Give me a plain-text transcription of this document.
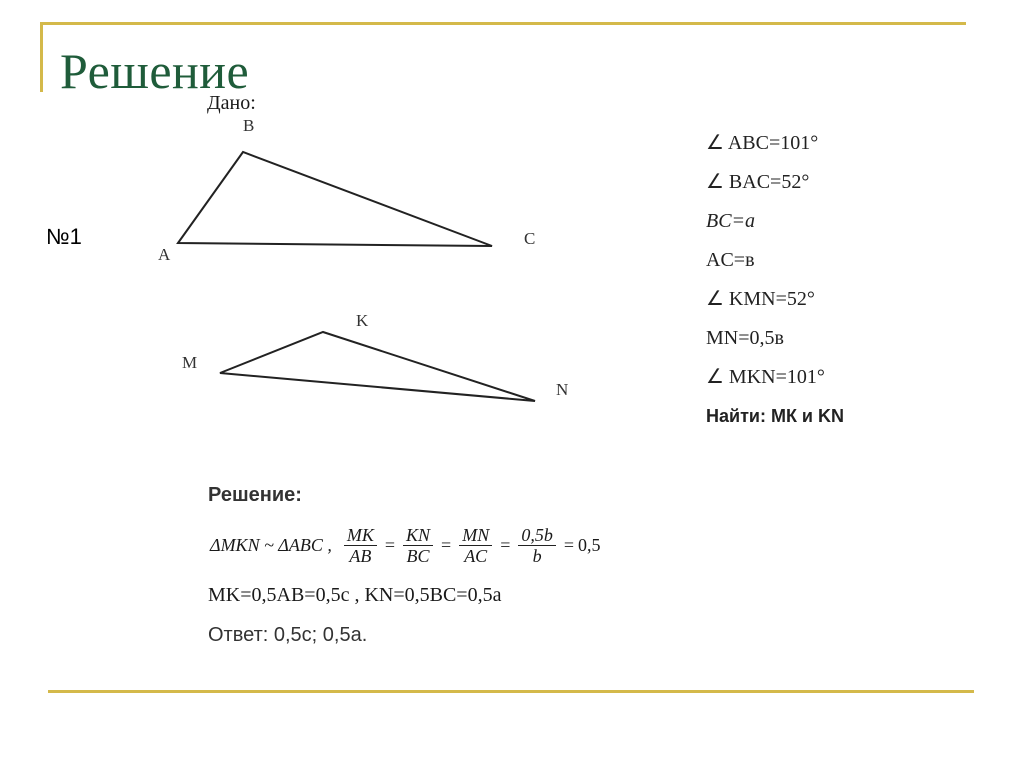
Решение
№1
Дано:
B
A
C
K
M
N
∠ ABC=101°
∠ BAC=52°
BC=a
AC=в
∠ KMN=52°
MN=0,5в
∠ MKN=101°
Найти: МК и KN
Решение:
ΔMKN ~ ΔABC , $\frac{MK}{AB} = \frac{KN}{BC} = \frac{MN}{AC} = \frac{0,5b}{b} = 0,5$
MK=0,5AB=0,5c , KN=0,5BC=0,5a
Ответ: 0,5с; 0,5а.
